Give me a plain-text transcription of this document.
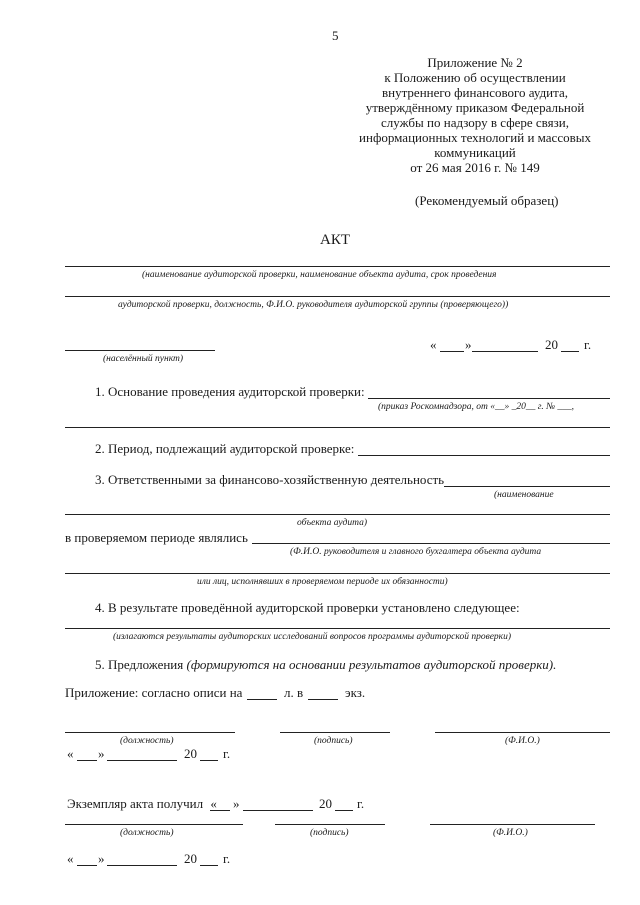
5
Приложение № 2
к Положению об осуществлении
внутреннего финансового аудита,
утверждённому приказом Федеральной
службы по надзору в сфере связи,
информационных технологий и массовых
коммуникаций
от 26 мая 2016 г. № 149
(Рекомендуемый образец)
АКТ
(наименование аудиторской проверки, наименование объекта аудита, срок проведения
аудиторской проверки, должность, Ф.И.О. руководителя аудиторской группы (проверяющего))
(населённый пункт)
« »	20 г.
1. Основание проведения аудиторской проверки:
(приказ Роскомнадзора, от «__» _20__ г. № ___,
2. Период, подлежащий аудиторской проверке:
3. Ответственными за финансово-хозяйственную деятельность
(наименование
объекта аудита)
в проверяемом периоде являлись
(Ф.И.О. руководителя и главного бухгалтера объекта аудита
или лиц, исполнявших в проверяемом периоде их обязанности)
4. В результате проведённой аудиторской проверки установлено следующее:
(излагаются результаты аудиторских исследований вопросов программы аудиторской проверки)
5. Предложения (формируются на основании результатов аудиторской проверки).
Приложение: согласно описи на	л. в	экз.
(должность)	(подпись)	(Ф.И.О.)
« »	20 г.
Экземпляр акта получил « »	20 г.
(должность)	(подпись)	(Ф.И.О.)
« »	20 г.
